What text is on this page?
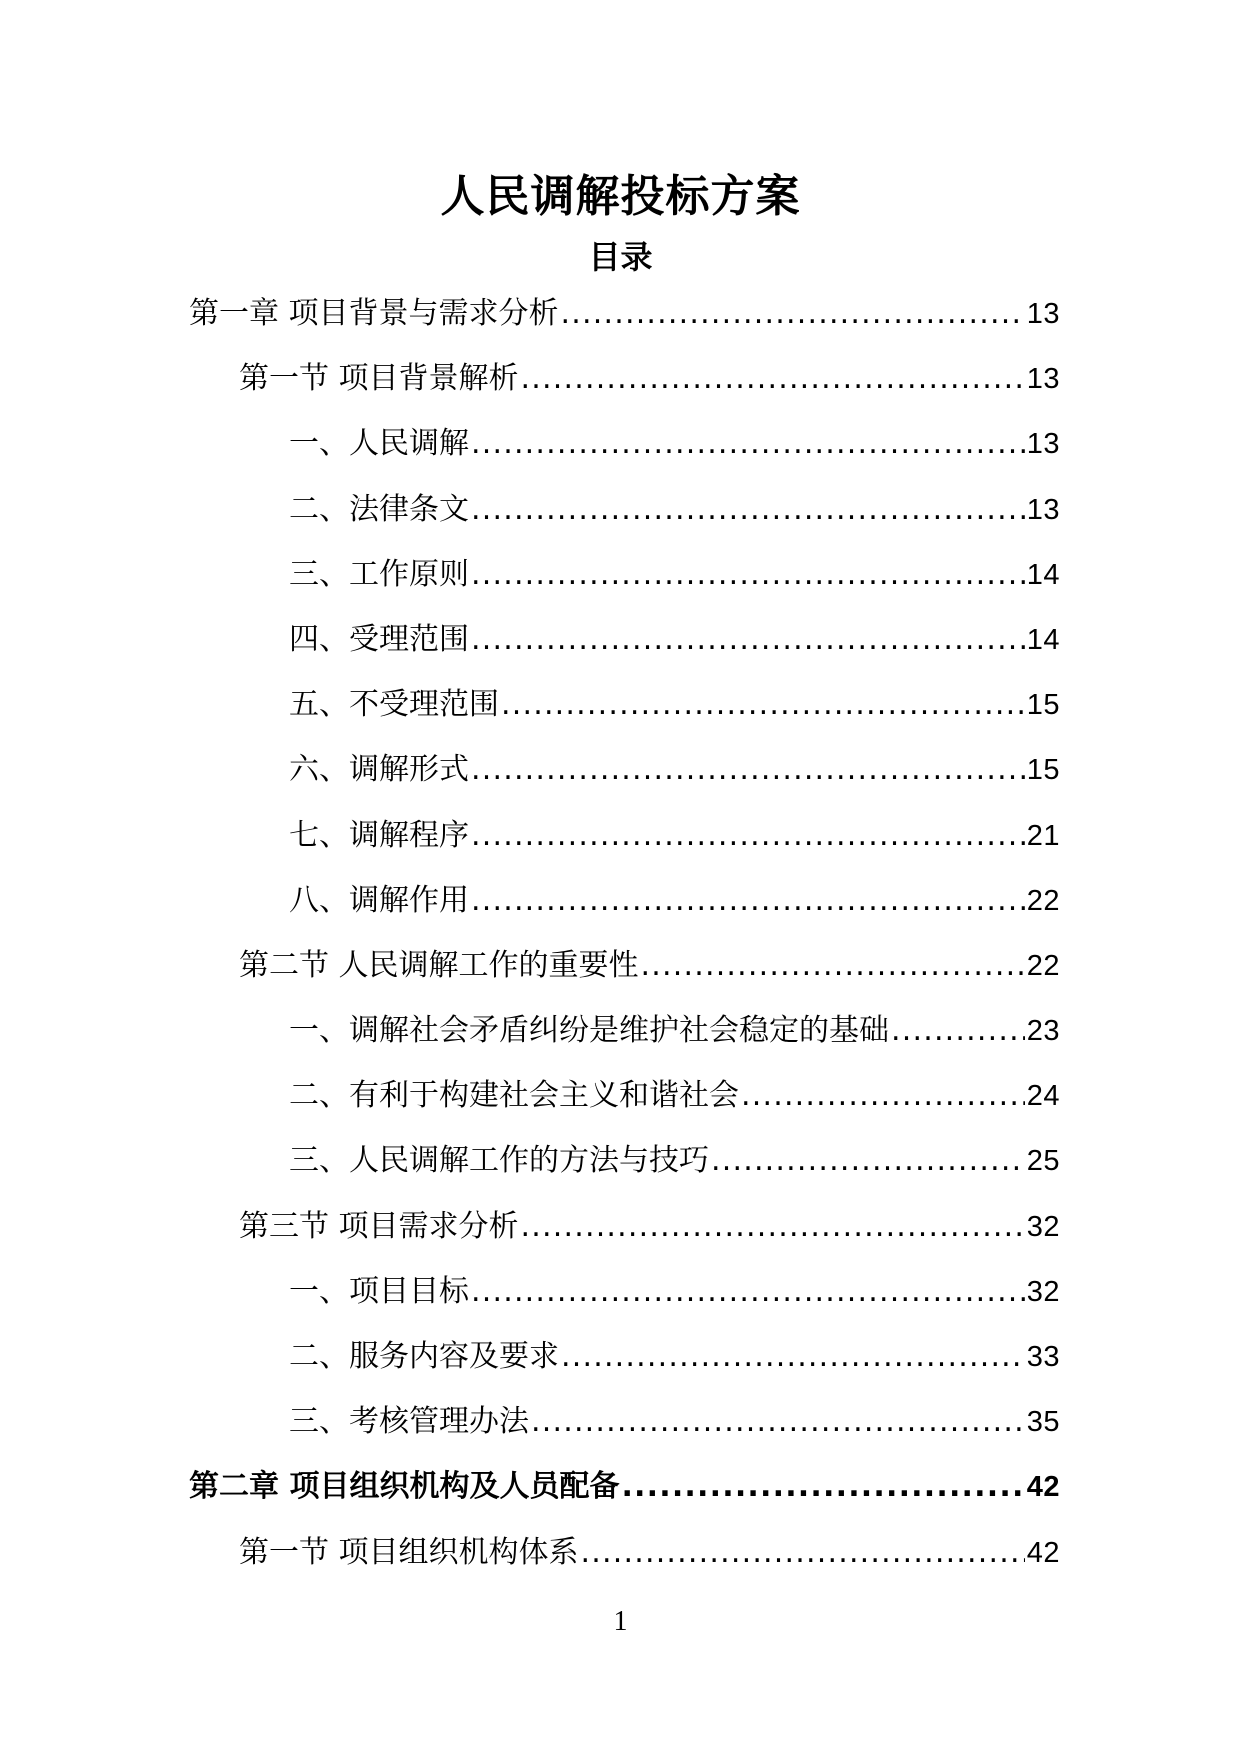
人民调解投标方案
目录
第一章 项目背景与需求分析 .....	13
第一节 项目背景解析 .....	13
一、人民调解 .....	13
二、法律条文 .....	13
三、工作原则 .....	14
四、受理范围 .....	14
五、不受理范围 .....	15
六、调解形式 .....	15
七、调解程序 .....	21
八、调解作用 .....	22
第二节 人民调解工作的重要性 .....	22
一、调解社会矛盾纠纷是维护社会稳定的基础 .....	23
二、有利于构建社会主义和谐社会 .....	24
三、人民调解工作的方法与技巧 .....	25
第三节 项目需求分析 .....	32
一、项目目标 .....	32
二、服务内容及要求 .....	33
三、考核管理办法 .....	35
第二章 项目组织机构及人员配备 .....	42
第一节 项目组织机构体系 .....	42
1
